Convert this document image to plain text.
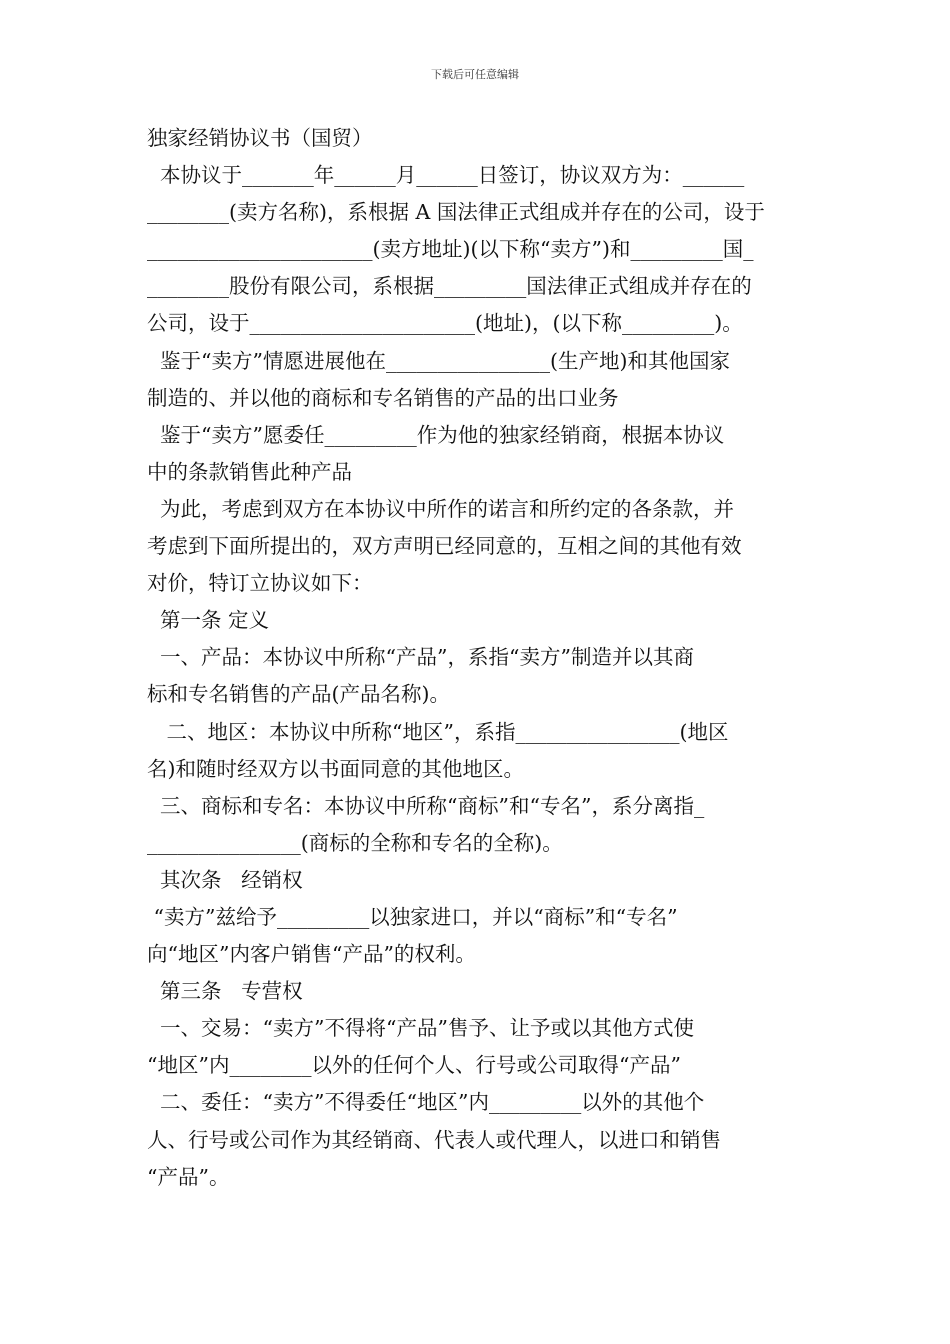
下载后可任意编辑
独家经销协议书（国贸）
本协议于_______年______月______日签订，协议双方为：______
________(卖方名称)，系根据 A 国法律正式组成并存在的公司，设于
______________________(卖方地址)(以下称“卖方”)和_________国_
________股份有限公司，系根据_________国法律正式组成并存在的
公司，设于______________________(地址)，(以下称_________)。
鉴于“卖方”情愿进展他在________________(生产地)和其他国家
制造的、并以他的商标和专名销售的产品的出口业务
鉴于“卖方”愿委任_________作为他的独家经销商，根据本协议
中的条款销售此种产品
为此，考虑到双方在本协议中所作的诺言和所约定的各条款，并
考虑到下面所提出的，双方声明已经同意的，互相之间的其他有效
对价，特订立协议如下：
第一条 定义
一、产品：本协议中所称“产品”，系指“卖方”制造并以其商
标和专名销售的产品(产品名称)。
二、地区：本协议中所称“地区”，系指________________(地区
名)和随时经双方以书面同意的其他地区。
三、商标和专名：本协议中所称“商标”和“专名”，系分离指_
_______________(商标的全称和专名的全称)。
其次条   经销权
“卖方”兹给予_________以独家进口，并以“商标”和“专名”
向“地区”内客户销售“产品”的权利。
第三条   专营权
一、交易：“卖方”不得将“产品”售予、让予或以其他方式使
“地区”内________以外的任何个人、行号或公司取得“产品”
二、委任：“卖方”不得委任“地区”内_________以外的其他个
人、行号或公司作为其经销商、代表人或代理人，以进口和销售
“产品”。
